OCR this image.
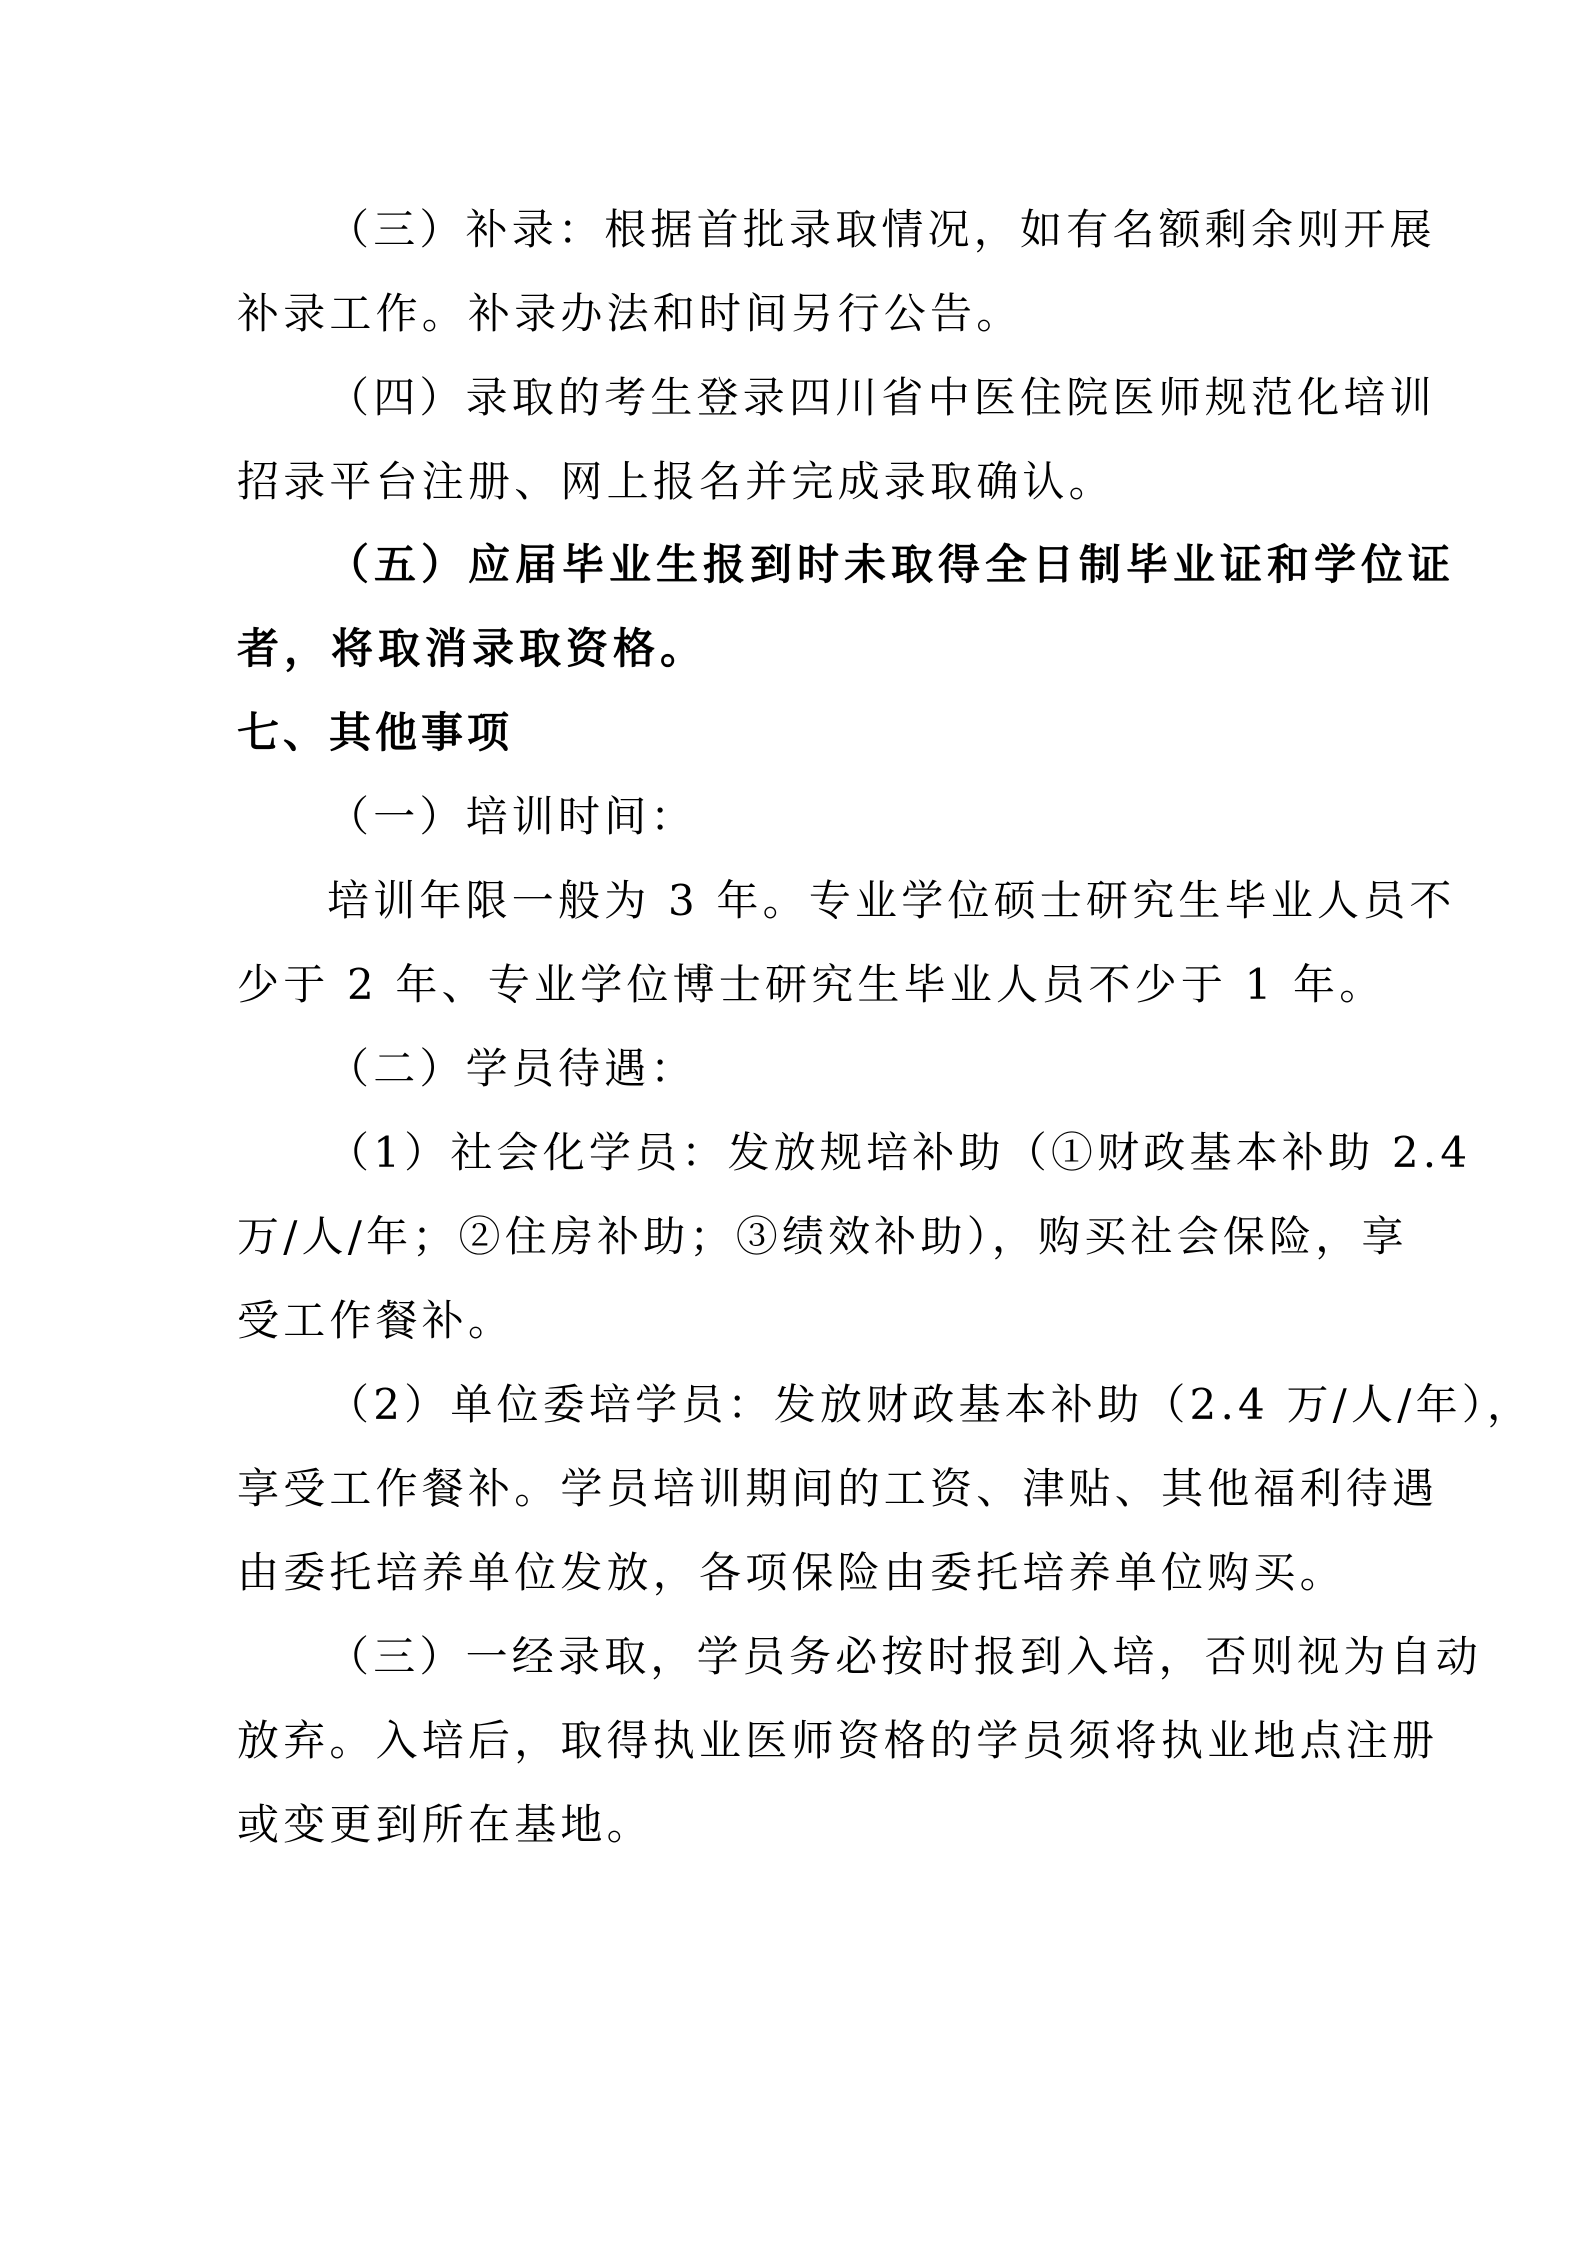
（三）补录：根据首批录取情况，如有名额剩余则开展
补录工作。补录办法和时间另行公告。
（四）录取的考生登录四川省中医住院医师规范化培训
招录平台注册、网上报名并完成录取确认。
（五）应届毕业生报到时未取得全日制毕业证和学位证
者，将取消录取资格。
七、其他事项
（一）培训时间：
培训年限一般为 3 年。专业学位硕士研究生毕业人员不
少于 2 年、专业学位博士研究生毕业人员不少于 1 年。
（二）学员待遇：
（1）社会化学员：发放规培补助（①财政基本补助 2.4
万/人/年；②住房补助；③绩效补助），购买社会保险，享
受工作餐补。
（2）单位委培学员：发放财政基本补助（2.4 万/人/年），
享受工作餐补。学员培训期间的工资、津贴、其他福利待遇
由委托培养单位发放，各项保险由委托培养单位购买。
（三）一经录取，学员务必按时报到入培，否则视为自动
放弃。入培后，取得执业医师资格的学员须将执业地点注册
或变更到所在基地。
